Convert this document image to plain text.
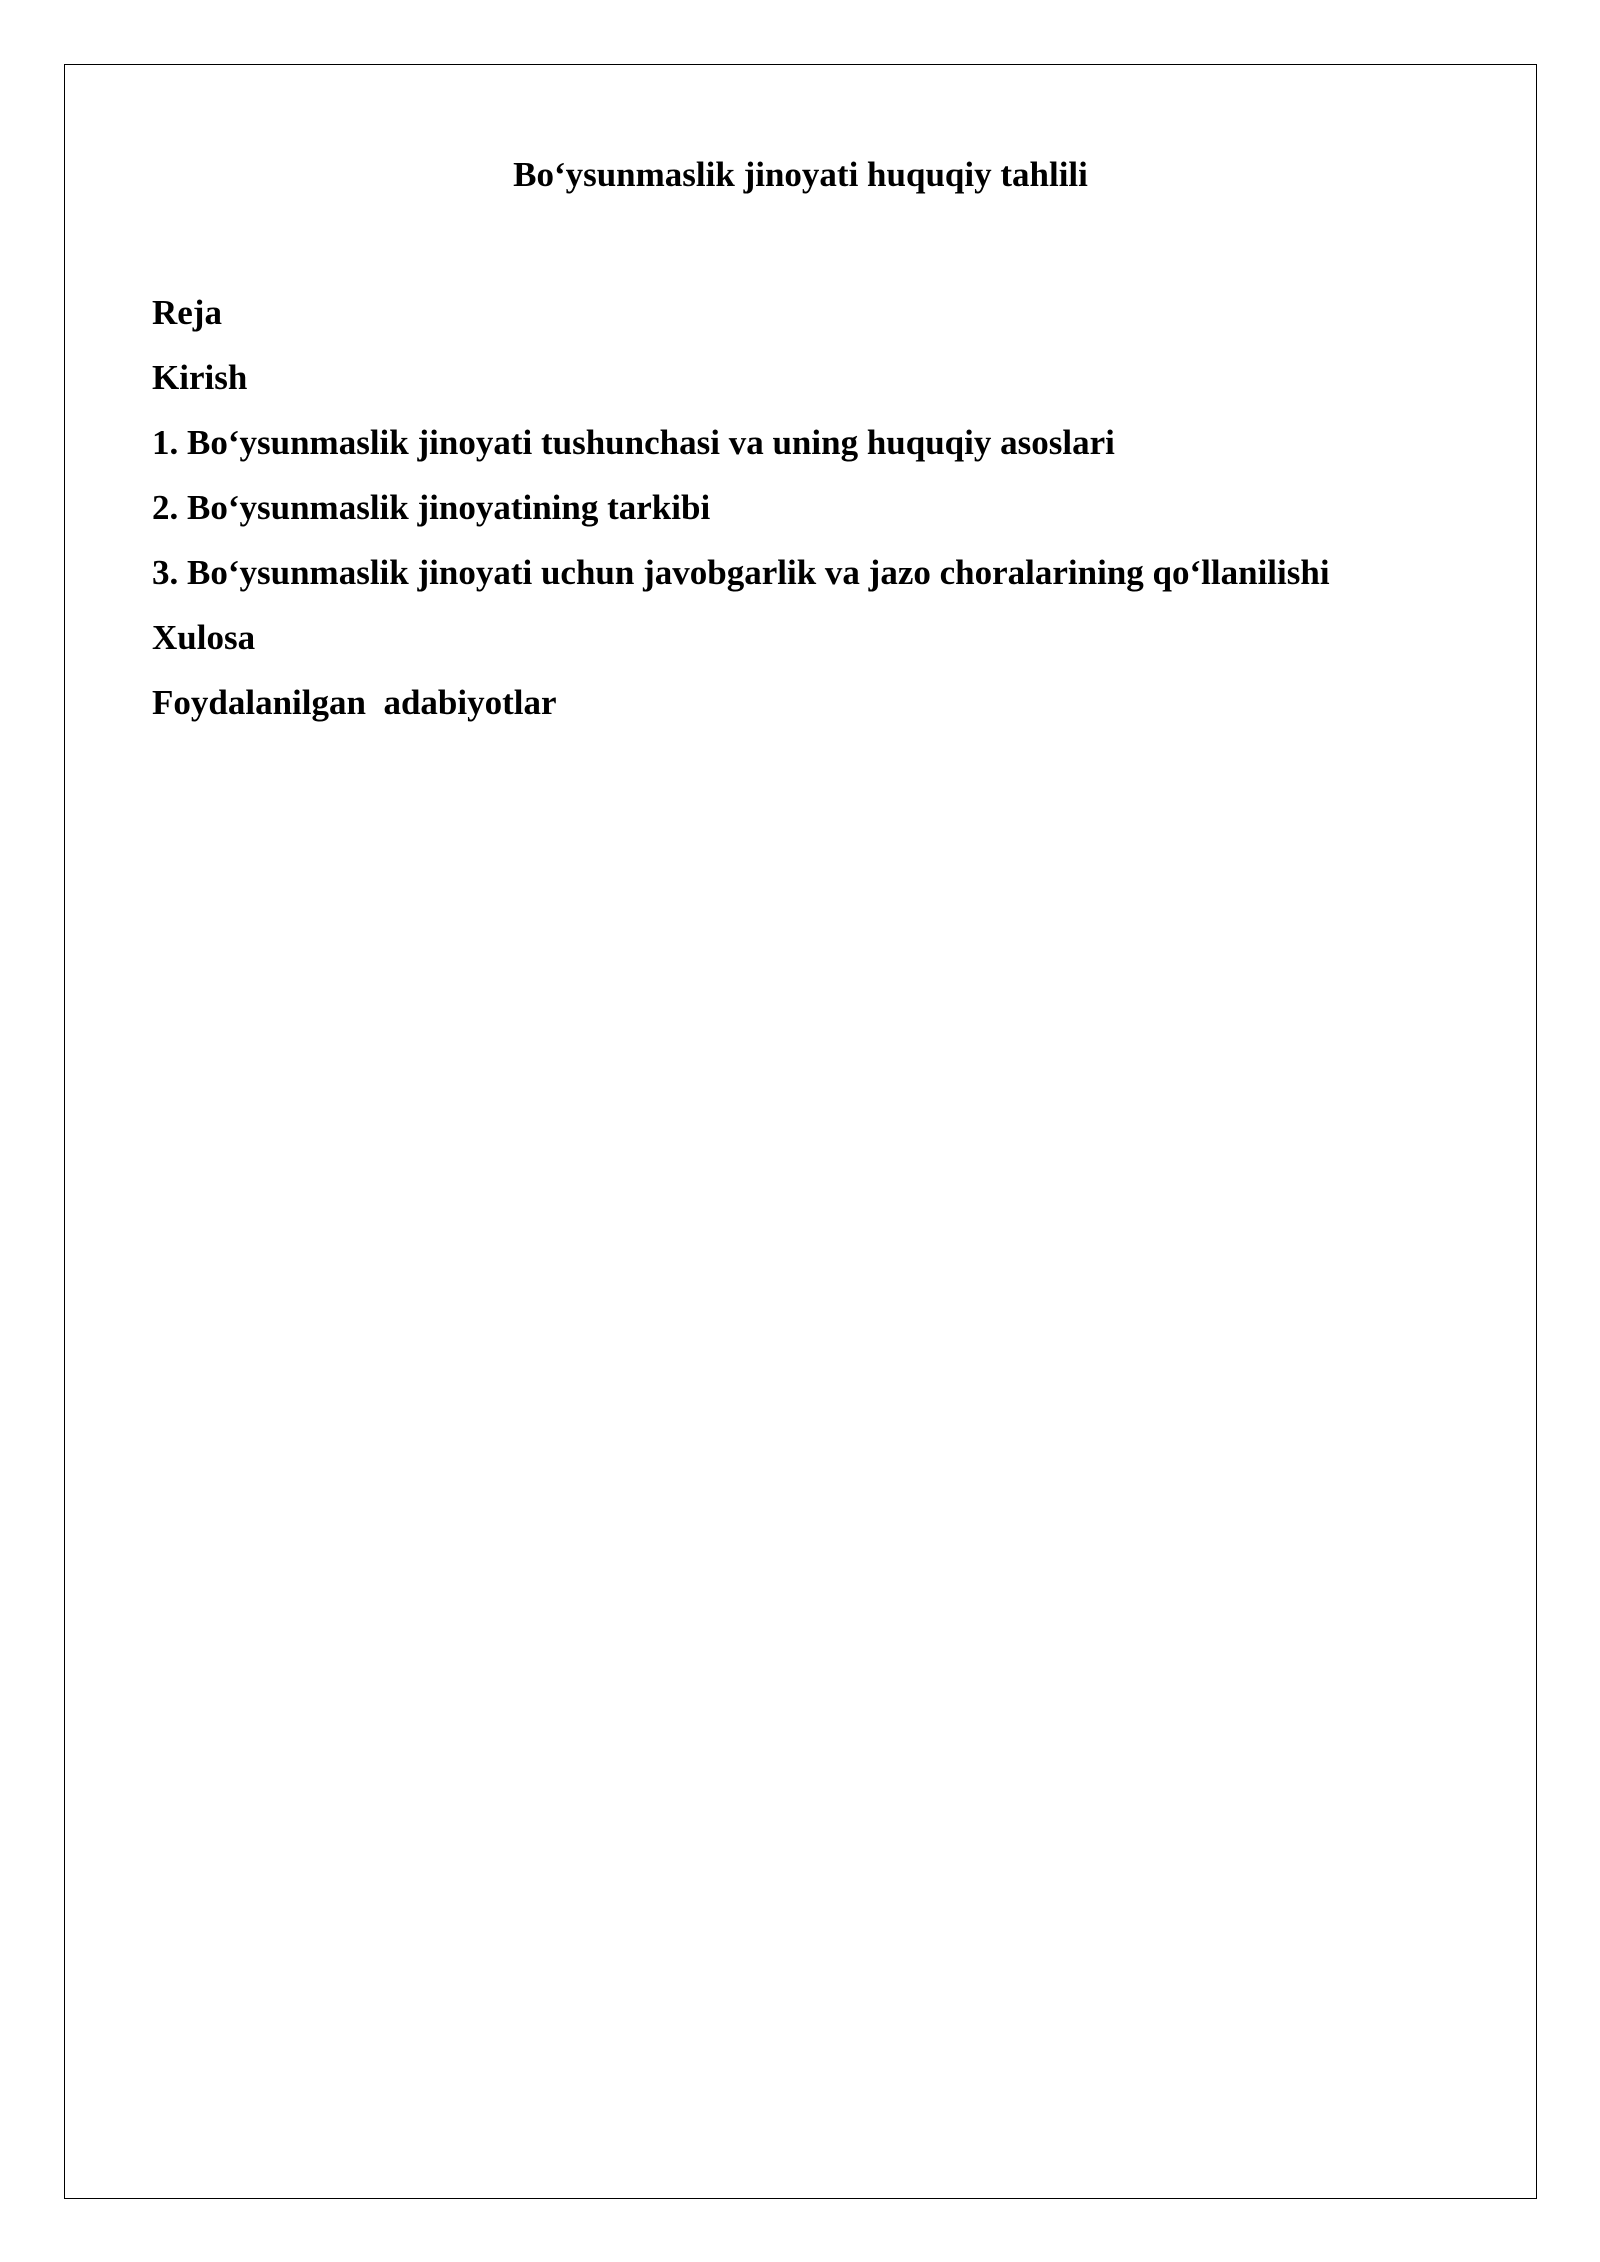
Bo‘ysunmaslik jinoyati huquqiy tahlili
Reja
Kirish
1. Bo‘ysunmaslik jinoyati tushunchasi va uning huquqiy asoslari
2. Bo‘ysunmaslik jinoyatining tarkibi
3. Bo‘ysunmaslik jinoyati uchun javobgarlik va jazo choralarining qo‘llanilishi
Xulosa
Foydalanilgan  adabiyotlar
